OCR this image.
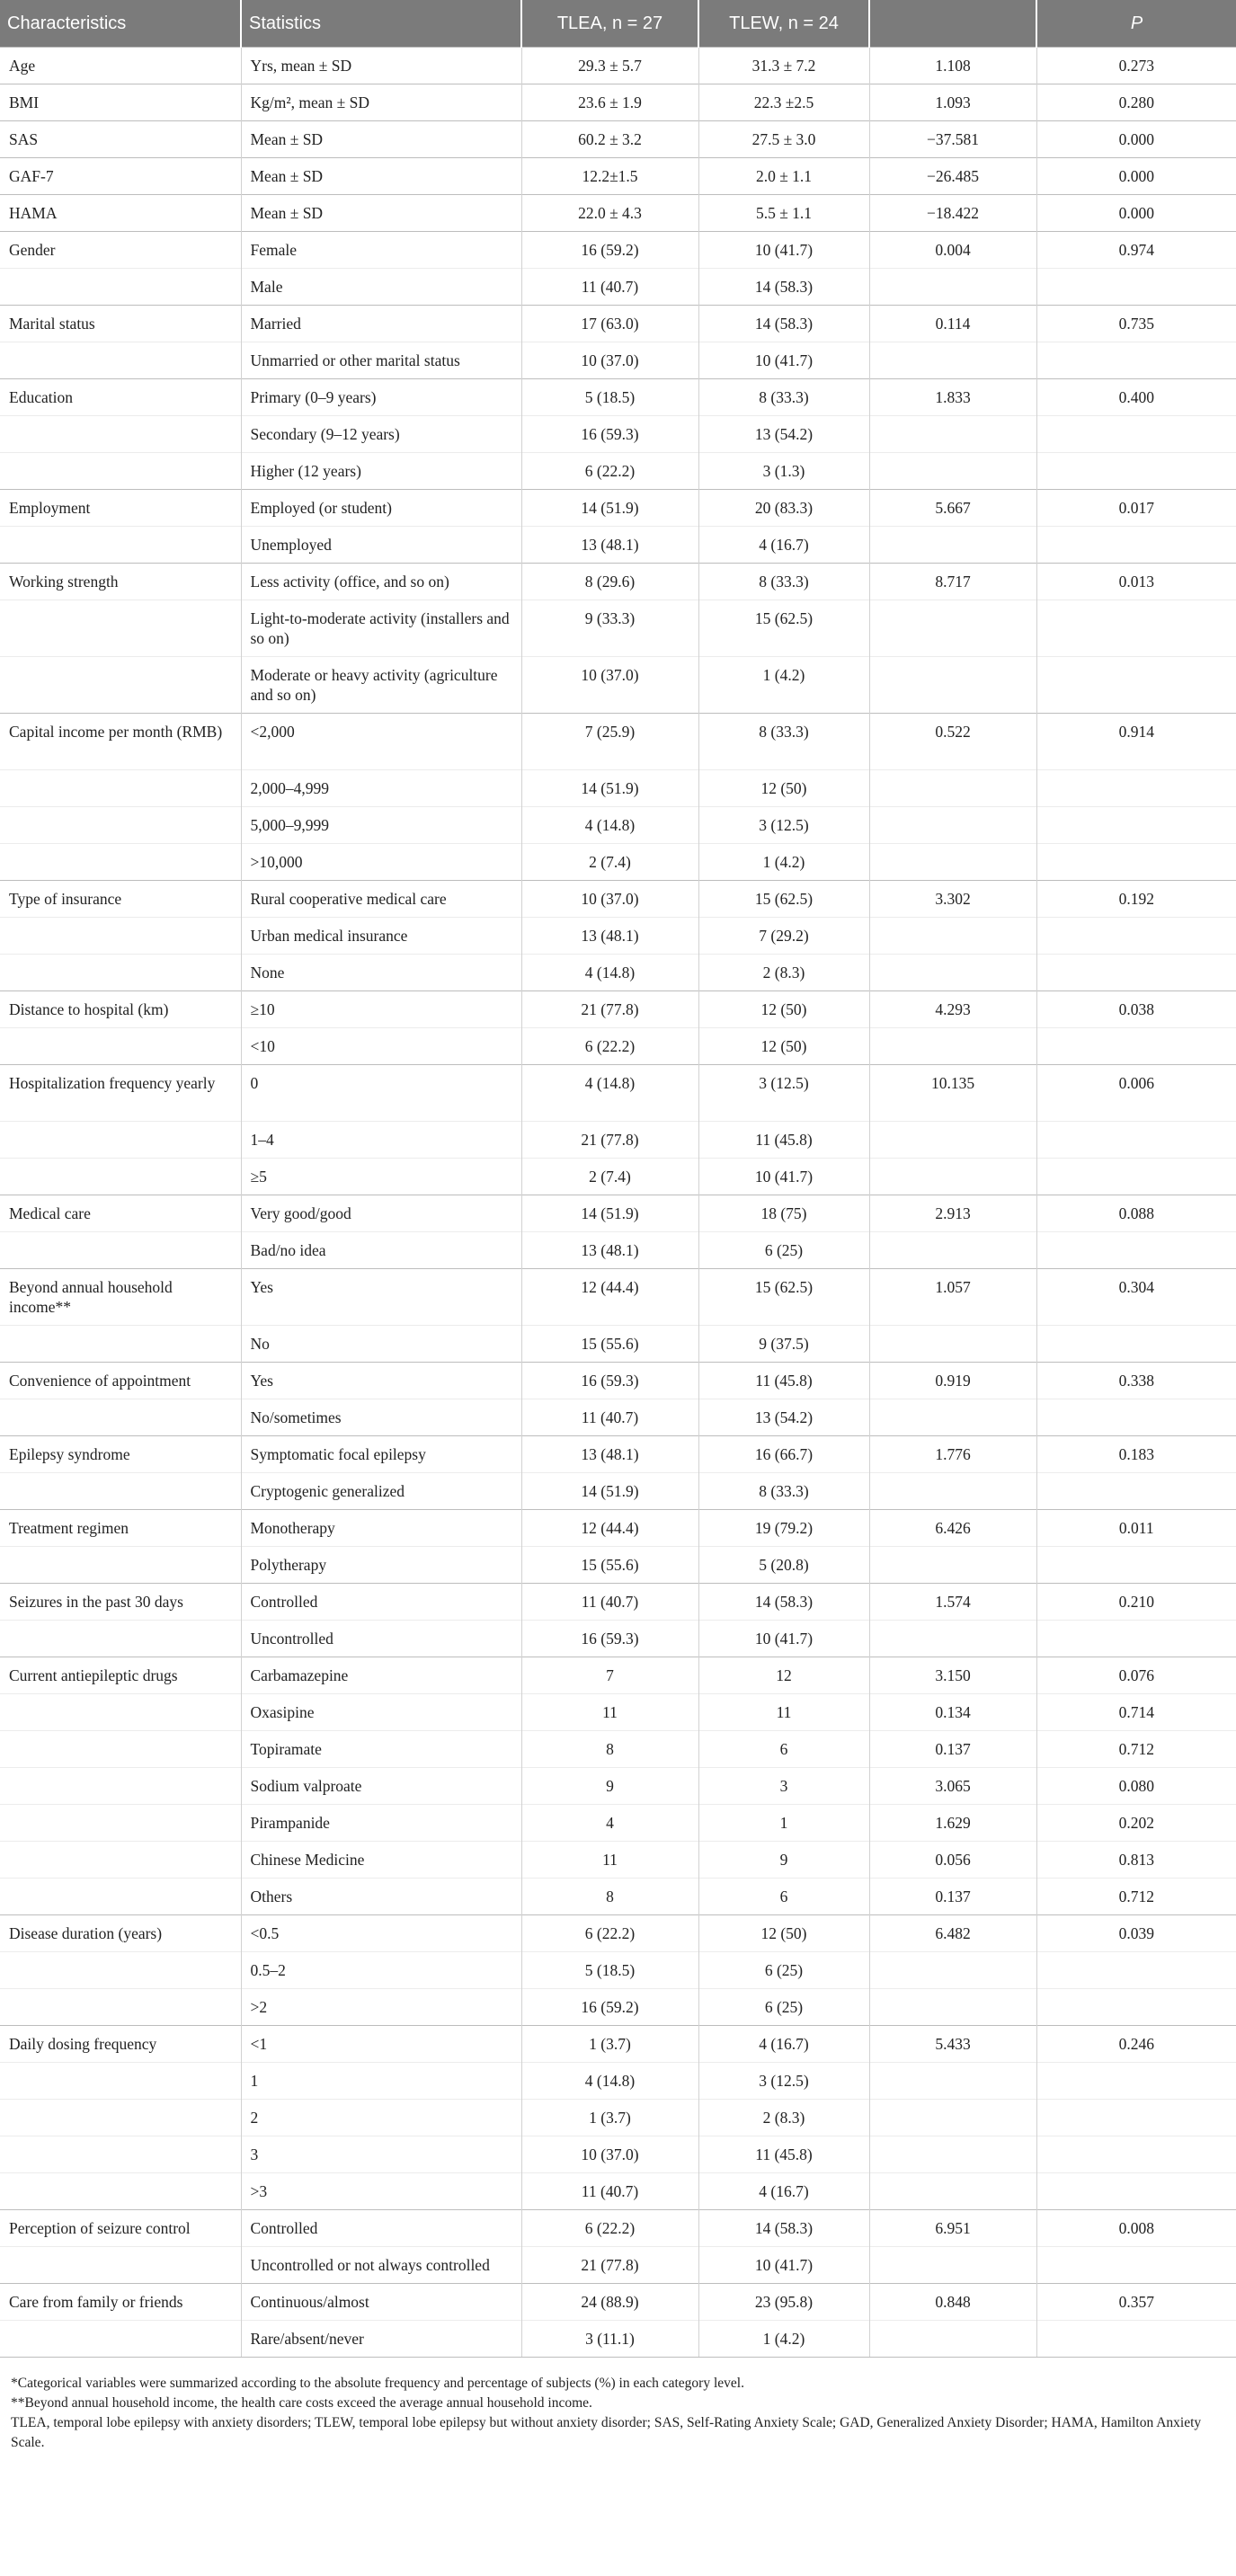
Characteristics	Statistics	TLEA, n = 27	TLEW, n = 24		P
Age	Yrs, mean ± SD	29.3 ± 5.7	31.3 ± 7.2	1.108	0.273
BMI	Kg/m², mean ± SD	23.6 ± 1.9	22.3 ±2.5	1.093	0.280
SAS	Mean ± SD	60.2 ± 3.2	27.5 ± 3.0	−37.581	0.000
GAF-7	Mean ± SD	12.2±1.5	2.0 ± 1.1	−26.485	0.000
HAMA	Mean ± SD	22.0 ± 4.3	5.5 ± 1.1	−18.422	0.000
Gender	Female	16 (59.2)	10 (41.7)	0.004	0.974
	Male	11 (40.7)	14 (58.3)		
Marital status	Married	17 (63.0)	14 (58.3)	0.114	0.735
	Unmarried or other marital status	10 (37.0)	10 (41.7)		
Education	Primary (0–9 years)	5 (18.5)	8 (33.3)	1.833	0.400
	Secondary (9–12 years)	16 (59.3)	13 (54.2)		
	Higher (12 years)	6 (22.2)	3 (1.3)		
Employment	Employed (or student)	14 (51.9)	20 (83.3)	5.667	0.017
	Unemployed	13 (48.1)	4 (16.7)		
Working strength	Less activity (office, and so on)	8 (29.6)	8 (33.3)	8.717	0.013
	Light-to-moderate activity (installers and so on)	9 (33.3)	15 (62.5)		
	Moderate or heavy activity (agriculture and so on)	10 (37.0)	1 (4.2)		
Capital income per month (RMB)	<2,000	7 (25.9)	8 (33.3)	0.522	0.914
	2,000–4,999	14 (51.9)	12 (50)		
	5,000–9,999	4 (14.8)	3 (12.5)		
	>10,000	2 (7.4)	1 (4.2)		
Type of insurance	Rural cooperative medical care	10 (37.0)	15 (62.5)	3.302	0.192
	Urban medical insurance	13 (48.1)	7 (29.2)		
	None	4 (14.8)	2 (8.3)		
Distance to hospital (km)	≥10	21 (77.8)	12 (50)	4.293	0.038
	<10	6 (22.2)	12 (50)		
Hospitalization frequency yearly	0	4 (14.8)	3 (12.5)	10.135	0.006
	1–4	21 (77.8)	11 (45.8)		
	≥5	2 (7.4)	10 (41.7)		
Medical care	Very good/good	14 (51.9)	18 (75)	2.913	0.088
	Bad/no idea	13 (48.1)	6 (25)		
Beyond annual household income**	Yes	12 (44.4)	15 (62.5)	1.057	0.304
	No	15 (55.6)	9 (37.5)		
Convenience of appointment	Yes	16 (59.3)	11 (45.8)	0.919	0.338
	No/sometimes	11 (40.7)	13 (54.2)		
Epilepsy syndrome	Symptomatic focal epilepsy	13 (48.1)	16 (66.7)	1.776	0.183
	Cryptogenic generalized	14 (51.9)	8 (33.3)		
Treatment regimen	Monotherapy	12 (44.4)	19 (79.2)	6.426	0.011
	Polytherapy	15 (55.6)	5 (20.8)		
Seizures in the past 30 days	Controlled	11 (40.7)	14 (58.3)	1.574	0.210
	Uncontrolled	16 (59.3)	10 (41.7)		
Current antiepileptic drugs	Carbamazepine	7	12	3.150	0.076
	Oxasipine	11	11	0.134	0.714
	Topiramate	8	6	0.137	0.712
	Sodium valproate	9	3	3.065	0.080
	Pirampanide	4	1	1.629	0.202
	Chinese Medicine	11	9	0.056	0.813
	Others	8	6	0.137	0.712
Disease duration (years)	<0.5	6 (22.2)	12 (50)	6.482	0.039
	0.5–2	5 (18.5)	6 (25)		
	>2	16 (59.2)	6 (25)		
Daily dosing frequency	<1	1 (3.7)	4 (16.7)	5.433	0.246
	1	4 (14.8)	3 (12.5)		
	2	1 (3.7)	2 (8.3)		
	3	10 (37.0)	11 (45.8)		
	>3	11 (40.7)	4 (16.7)		
Perception of seizure control	Controlled	6 (22.2)	14 (58.3)	6.951	0.008
	Uncontrolled or not always controlled	21 (77.8)	10 (41.7)		
Care from family or friends	Continuous/almost	24 (88.9)	23 (95.8)	0.848	0.357
	Rare/absent/never	3 (11.1)	1 (4.2)		

*Categorical variables were summarized according to the absolute frequency and percentage of subjects (%) in each category level.

**Beyond annual household income, the health care costs exceed the average annual household income.

TLEA, temporal lobe epilepsy with anxiety disorders; TLEW, temporal lobe epilepsy but without anxiety disorder; SAS, Self-Rating Anxiety Scale; GAD, Generalized Anxiety Disorder; HAMA, Hamilton Anxiety Scale.
